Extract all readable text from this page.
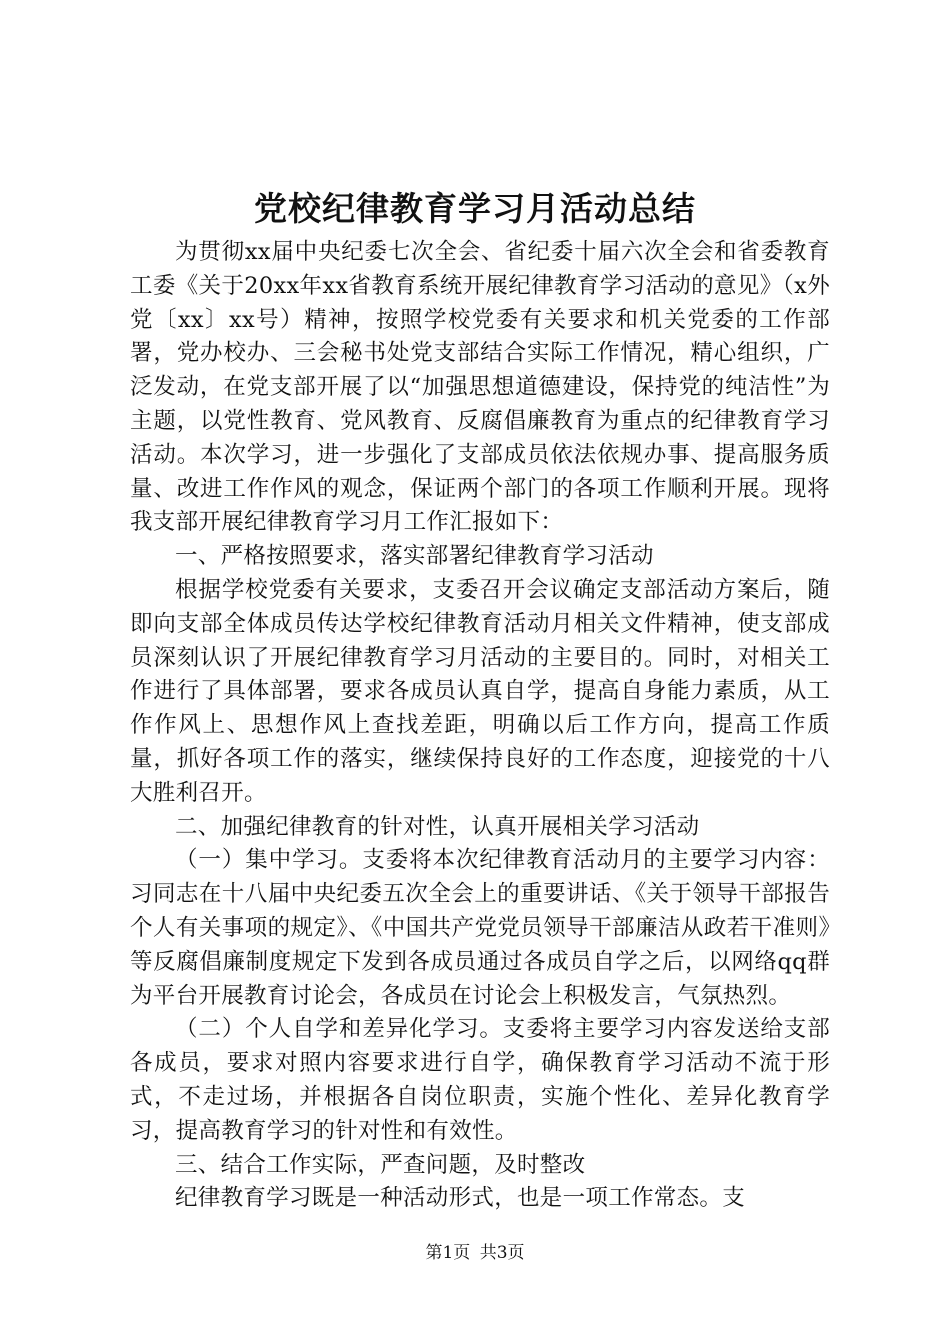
党校纪律教育学习月活动总结

为贯彻xx届中央纪委七次全会、省纪委十届六次全会和省委教育工委《关于20xx年xx省教育系统开展纪律教育学习活动的意见》（x外党〔xx〕xx号）精神，按照学校党委有关要求和机关党委的工作部署，党办校办、三会秘书处党支部结合实际工作情况，精心组织，广泛发动，在党支部开展了以“加强思想道德建设，保持党的纯洁性”为主题，以党性教育、党风教育、反腐倡廉教育为重点的纪律教育学习活动。本次学习，进一步强化了支部成员依法依规办事、提高服务质量、改进工作作风的观念，保证两个部门的各项工作顺利开展。现将我支部开展纪律教育学习月工作汇报如下：

一、严格按照要求，落实部署纪律教育学习活动

根据学校党委有关要求，支委召开会议确定支部活动方案后，随即向支部全体成员传达学校纪律教育活动月相关文件精神，使支部成员深刻认识了开展纪律教育学习月活动的主要目的。同时，对相关工作进行了具体部署，要求各成员认真自学，提高自身能力素质，从工作作风上、思想作风上查找差距，明确以后工作方向，提高工作质量，抓好各项工作的落实，继续保持良好的工作态度，迎接党的十八大胜利召开。

二、加强纪律教育的针对性，认真开展相关学习活动

（一）集中学习。支委将本次纪律教育活动月的主要学习内容：习同志在十八届中央纪委五次全会上的重要讲话、《关于领导干部报告个人有关事项的规定》、《中国共产党党员领导干部廉洁从政若干准则》等反腐倡廉制度规定下发到各成员通过各成员自学之后，以网络qq群为平台开展教育讨论会，各成员在讨论会上积极发言，气氛热烈。

（二）个人自学和差异化学习。支委将主要学习内容发送给支部各成员，要求对照内容要求进行自学，确保教育学习活动不流于形式，不走过场，并根据各自岗位职责，实施个性化、差异化教育学习，提高教育学习的针对性和有效性。

三、结合工作实际，严查问题，及时整改

纪律教育学习既是一种活动形式，也是一项工作常态。支

第1页 共3页
